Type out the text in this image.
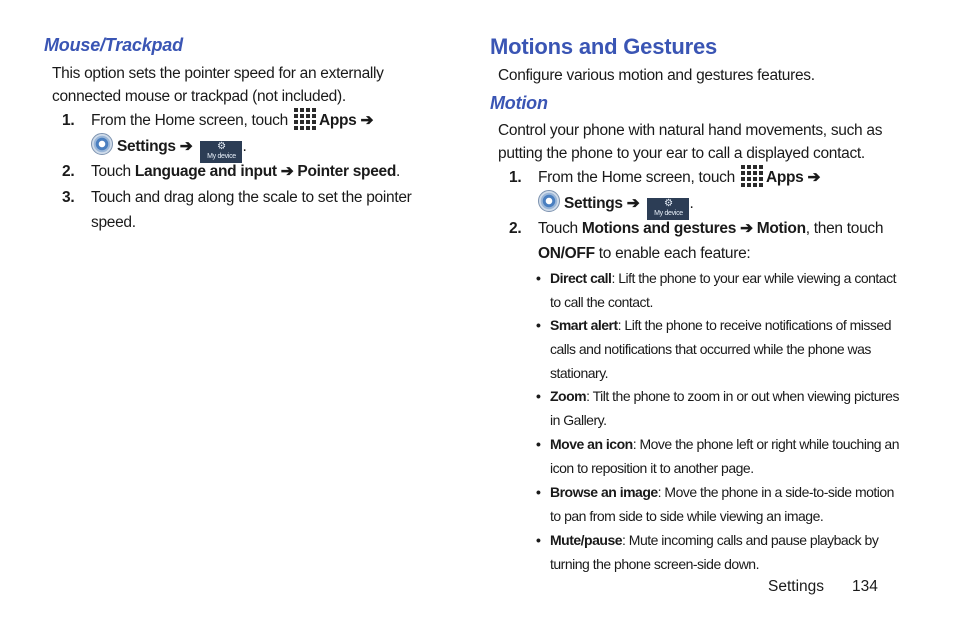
Mouse/Trackpad

This option sets the pointer speed for an externally connected mouse or trackpad (not included).

1. From the Home screen, touch Apps ➔
Settings ➔	⚙
My device.
2. Touch Language and input ➔ Pointer speed.
3. Touch and drag along the scale to set the pointer speed.
Motions and Gestures

Configure various motion and gestures features.

Motion

Control your phone with natural hand movements, such as putting the phone to your ear to call a displayed contact.

1. From the Home screen, touch Apps ➔
Settings ➔	⚙
My device.
2. Touch Motions and gestures ➔ Motion, then touch
ON/OFF to enable each feature:
• Direct call: Lift the phone to your ear while viewing a contact to call the contact.
• Smart alert: Lift the phone to receive notifications of missed calls and notifications that occurred while the phone was stationary.
• Zoom: Tilt the phone to zoom in or out when viewing pictures in Gallery.
• Move an icon: Move the phone left or right while touching an icon to reposition it to another page.
• Browse an image: Move the phone in a side-to-side motion to pan from side to side while viewing an image.
• Mute/pause: Mute incoming calls and pause playback by turning the phone screen-side down.
Settings 134
